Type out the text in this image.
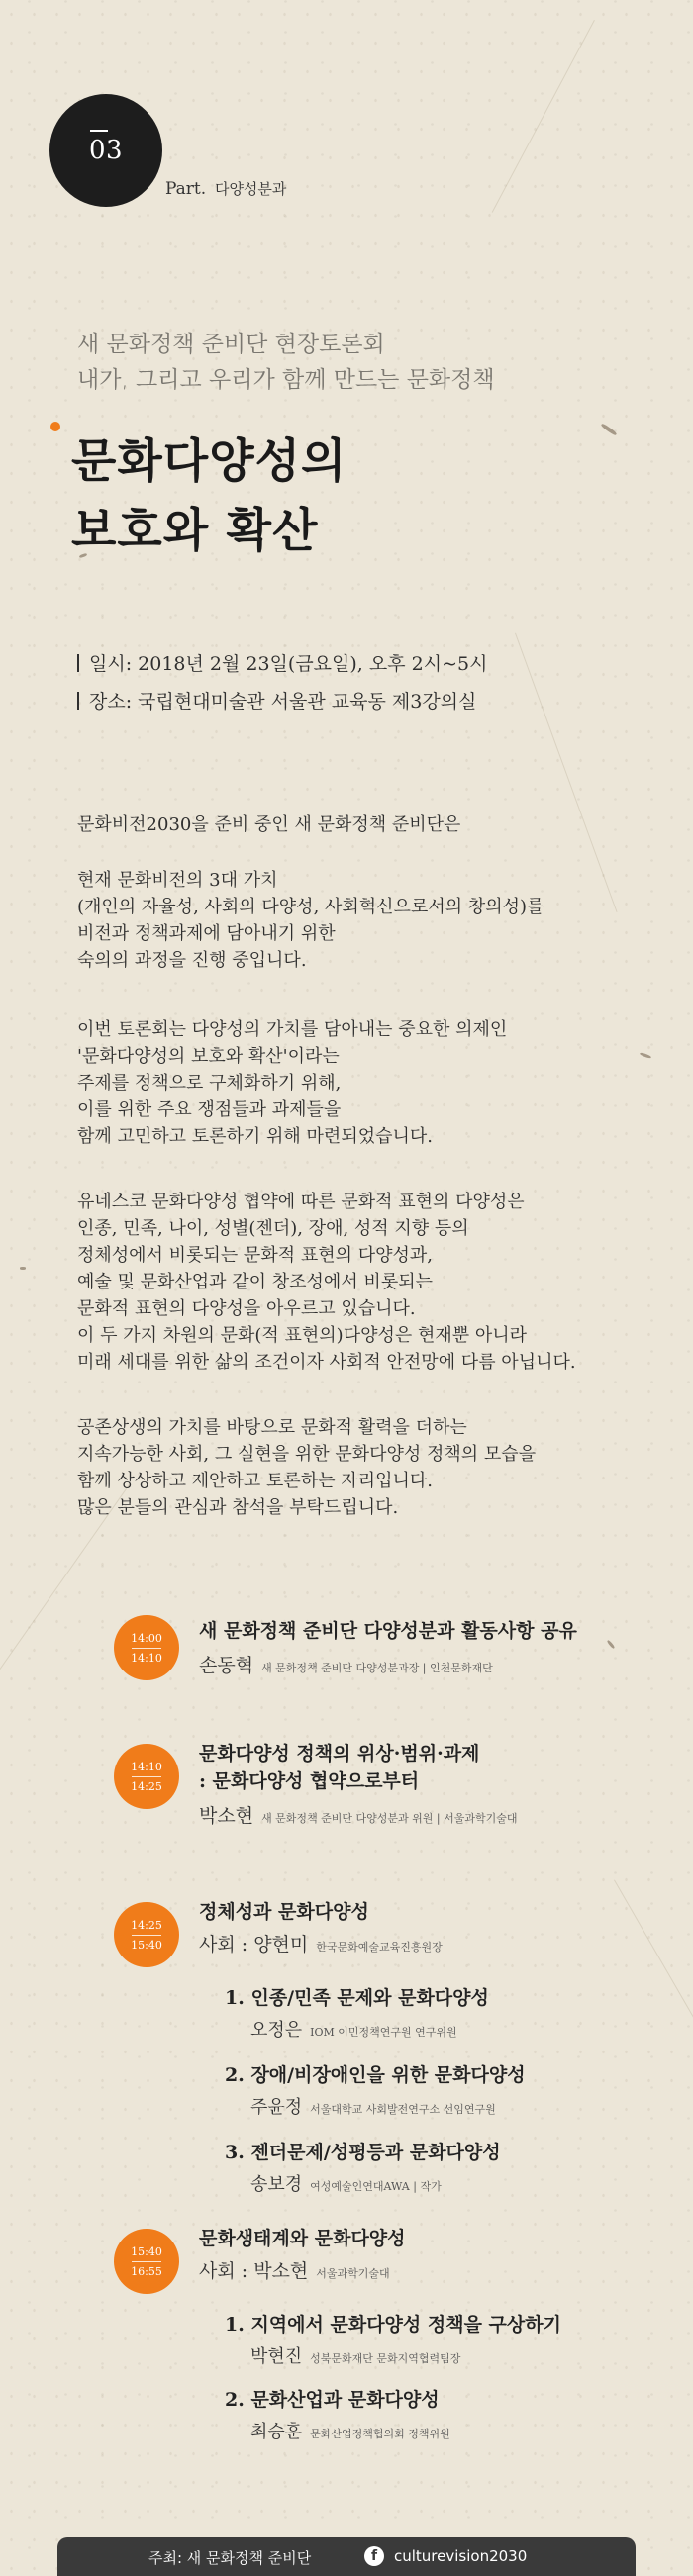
03
Part. 다양성분과
새 문화정책 준비단 현장토론회
내가, 그리고 우리가 함께 만드는 문화정책
문화다양성의
보호와 확산
일시: 2018년 2월 23일(금요일), 오후 2시~5시
장소: 국립현대미술관 서울관 교육동 제3강의실
문화비전2030을 준비 중인 새 문화정책 준비단은
현재 문화비전의 3대 가치
(개인의 자율성, 사회의 다양성, 사회혁신으로서의 창의성)를
비전과 정책과제에 담아내기 위한
숙의의 과정을 진행 중입니다.
이번 토론회는 다양성의 가치를 담아내는 중요한 의제인
'문화다양성의 보호와 확산'이라는
주제를 정책으로 구체화하기 위해,
이를 위한 주요 쟁점들과 과제들을
함께 고민하고 토론하기 위해 마련되었습니다.
유네스코 문화다양성 협약에 따른 문화적 표현의 다양성은
인종, 민족, 나이, 성별(젠더), 장애, 성적 지향 등의
정체성에서 비롯되는 문화적 표현의 다양성과,
예술 및 문화산업과 같이 창조성에서 비롯되는
문화적 표현의 다양성을 아우르고 있습니다.
이 두 가지 차원의 문화(적 표현의)다양성은 현재뿐 아니라
미래 세대를 위한 삶의 조건이자 사회적 안전망에 다름 아닙니다.
공존상생의 가치를 바탕으로 문화적 활력을 더하는
지속가능한 사회, 그 실현을 위한 문화다양성 정책의 모습을
함께 상상하고 제안하고 토론하는 자리입니다.
많은 분들의 관심과 참석을 부탁드립니다.
14:00
14:10
새 문화정책 준비단 다양성분과 활동사항 공유
손동혁 새 문화정책 준비단 다양성분과장 | 인천문화재단
14:10
14:25
문화다양성 정책의 위상·범위·과제
: 문화다양성 협약으로부터
박소현 새 문화정책 준비단 다양성분과 위원 | 서울과학기술대
14:25
15:40
정체성과 문화다양성
사회 : 양현미 한국문화예술교육진흥원장
1. 인종/민족 문제와 문화다양성
오정은 IOM 이민정책연구원 연구위원
2. 장애/비장애인을 위한 문화다양성
주윤정 서울대학교 사회발전연구소 선임연구원
3. 젠더문제/성평등과 문화다양성
송보경 여성예술인연대AWA | 작가
15:40
16:55
문화생태계와 문화다양성
사회 : 박소현 서울과학기술대
1. 지역에서 문화다양성 정책을 구상하기
박현진 성북문화재단 문화지역협력팀장
2. 문화산업과 문화다양성
최승훈 문화산업정책협의회 정책위원
주최: 새 문화정책 준비단	f	culturevision2030
